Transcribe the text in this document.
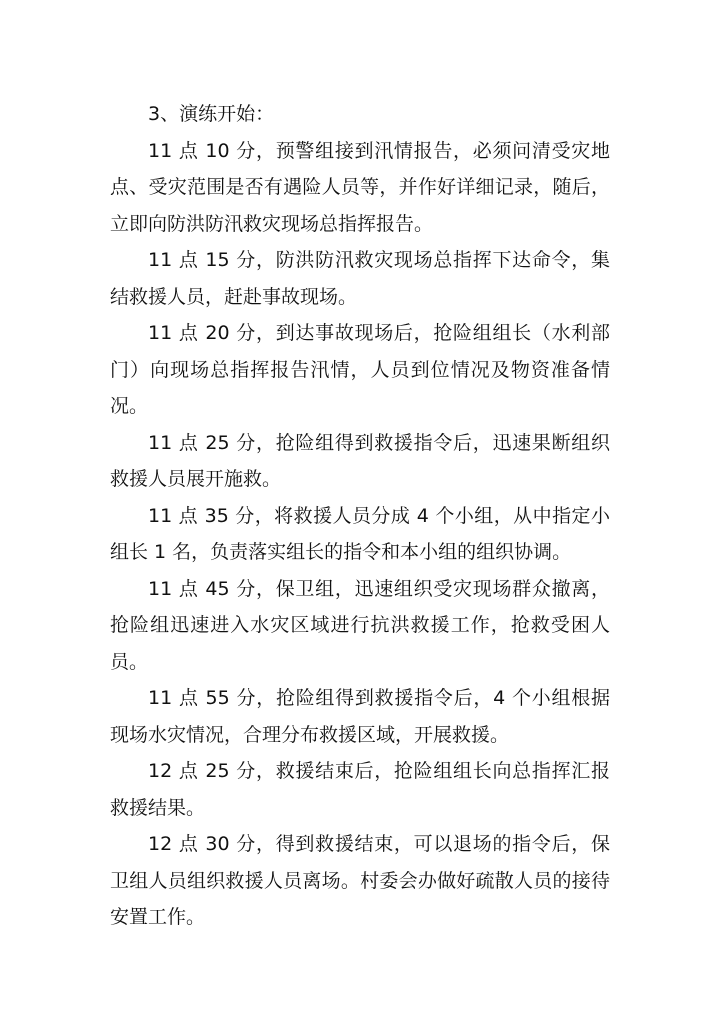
3、演练开始：

11 点 10 分，预警组接到汛情报告，必须问清受灾地点、受灾范围是否有遇险人员等，并作好详细记录，随后，立即向防洪防汛救灾现场总指挥报告。

11 点 15 分，防洪防汛救灾现场总指挥下达命令，集结救援人员，赶赴事故现场。

11 点 20 分，到达事故现场后，抢险组组长（水利部门）向现场总指挥报告汛情，人员到位情况及物资准备情况。

11 点 25 分，抢险组得到救援指令后，迅速果断组织救援人员展开施救。

11 点 35 分，将救援人员分成 4 个小组，从中指定小组长 1 名，负责落实组长的指令和本小组的组织协调。

11 点 45 分，保卫组，迅速组织受灾现场群众撤离，抢险组迅速进入水灾区域进行抗洪救援工作，抢救受困人员。

11 点 55 分，抢险组得到救援指令后，4 个小组根据现场水灾情况，合理分布救援区域，开展救援。

12 点 25 分，救援结束后，抢险组组长向总指挥汇报救援结果。

12 点 30 分，得到救援结束，可以退场的指令后，保卫组人员组织救援人员离场。村委会办做好疏散人员的接待安置工作。
